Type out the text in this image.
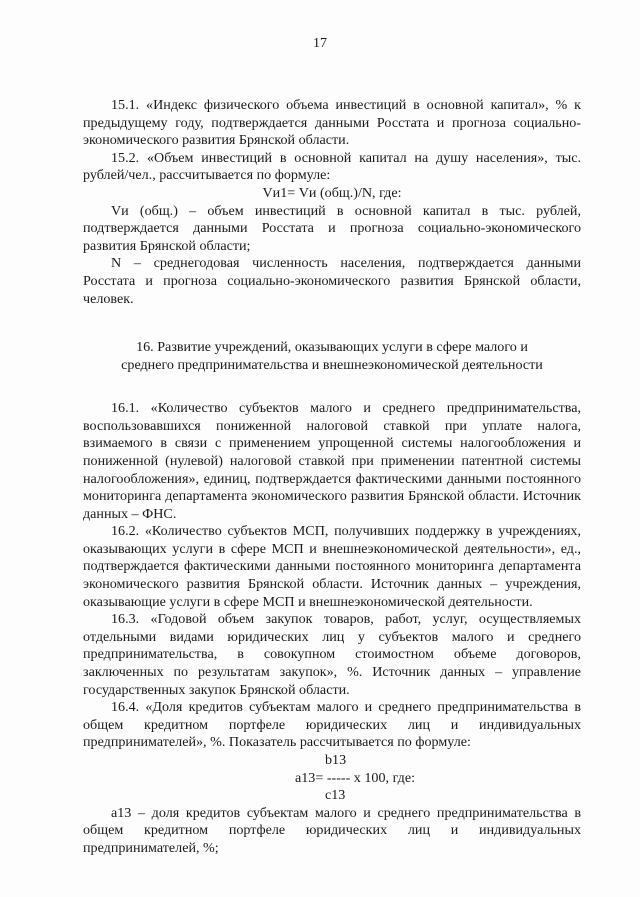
17

15.1. «Индекс физического объема инвестиций в основной капитал», % к предыдущему году, подтверждается данными Росстата и прогноза социально-экономического развития Брянской области.

15.2. «Объем инвестиций в основной капитал на душу населения», тыс. рублей/чел., рассчитывается по формуле:

Vи1= Vи (общ.)/N, где:

Vи (общ.) – объем инвестиций в основной капитал в тыс. рублей, подтверждается данными Росстата и прогноза социально-экономического развития Брянской области;

N – среднегодовая численность населения, подтверждается данными Росстата и прогноза социально-экономического развития Брянской области, человек.

16. Развитие учреждений, оказывающих услуги в сфере малого и
среднего предпринимательства и внешнеэкономической деятельности

16.1. «Количество субъектов малого и среднего предпринимательства, воспользовавшихся пониженной налоговой ставкой при уплате налога, взимаемого в связи с применением упрощенной системы налогообложения и пониженной (нулевой) налоговой ставкой при применении патентной системы налогообложения», единиц, подтверждается фактическими данными постоянного мониторинга департамента экономического развития Брянской области. Источник данных – ФНС.

16.2. «Количество субъектов МСП, получивших поддержку в учреждениях, оказывающих услуги в сфере МСП и внешнеэкономической деятельности», ед., подтверждается фактическими данными постоянного мониторинга департамента экономического развития Брянской области. Источник данных – учреждения, оказывающие услуги в сфере МСП и внешнеэкономической деятельности.

16.3. «Годовой объем закупок товаров, работ, услуг, осуществляемых отдельными видами юридических лиц у субъектов малого и среднего предпринимательства, в совокупном стоимостном объеме договоров, заключенных по результатам закупок», %. Источник данных – управление государственных закупок Брянской области.

16.4. «Доля кредитов субъектам малого и среднего предпринимательства в общем кредитном портфеле юридических лиц и индивидуальных предпринимателей», %. Показатель рассчитывается по формуле:

b13
a13= ----- x 100, где:
c13

a13 – доля кредитов субъектам малого и среднего предпринимательства в общем кредитном портфеле юридических лиц и индивидуальных предпринимателей, %;
